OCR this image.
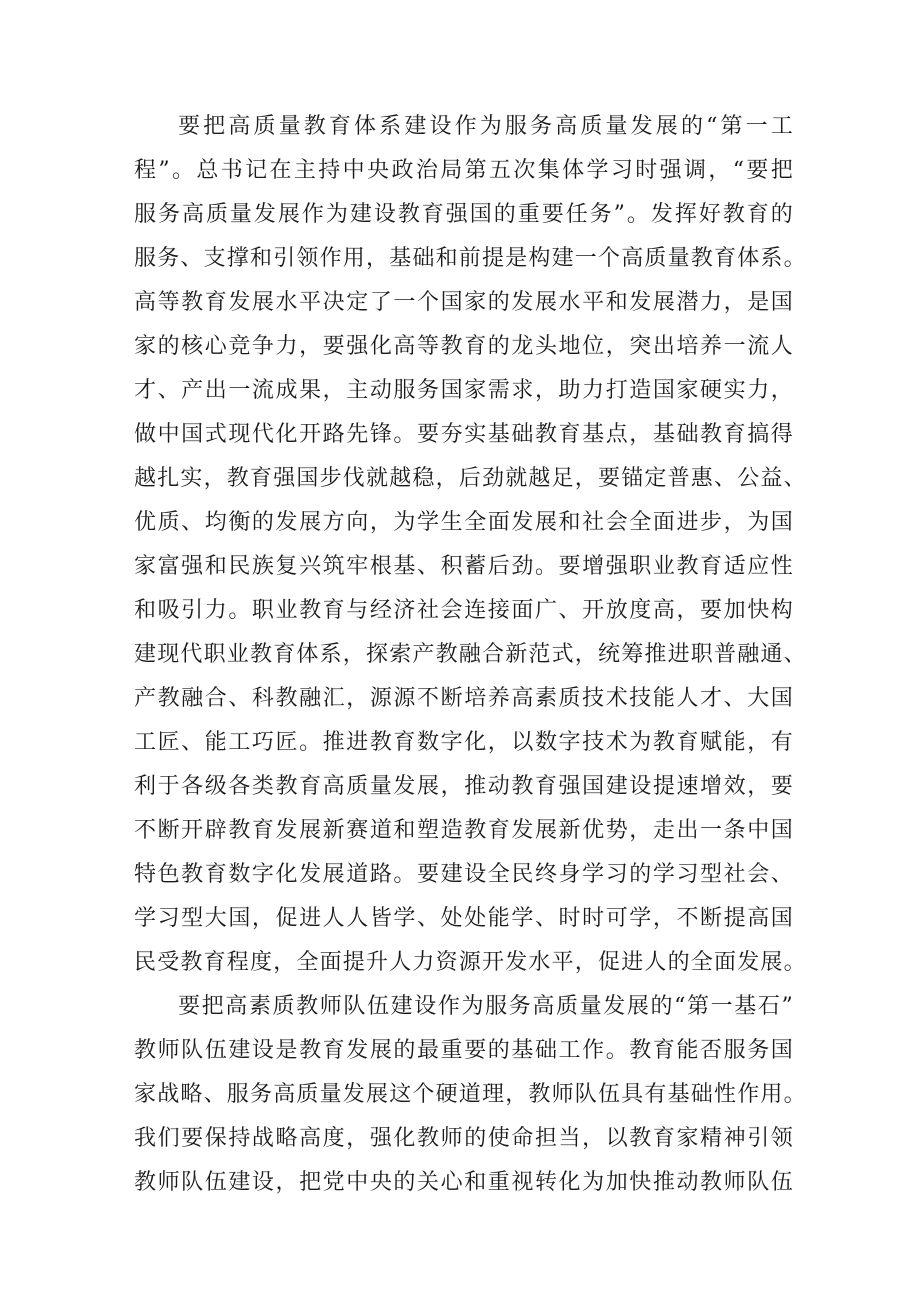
要把高质量教育体系建设作为服务高质量发展的“第一工
程”。总书记在主持中央政治局第五次集体学习时强调，“要把
服务高质量发展作为建设教育强国的重要任务”。发挥好教育的
服务、支撑和引领作用，基础和前提是构建一个高质量教育体系。
高等教育发展水平决定了一个国家的发展水平和发展潜力，是国
家的核心竞争力，要强化高等教育的龙头地位，突出培养一流人
才、产出一流成果，主动服务国家需求，助力打造国家硬实力，
做中国式现代化开路先锋。要夯实基础教育基点，基础教育搞得
越扎实，教育强国步伐就越稳，后劲就越足，要锚定普惠、公益、
优质、均衡的发展方向，为学生全面发展和社会全面进步，为国
家富强和民族复兴筑牢根基、积蓄后劲。要增强职业教育适应性
和吸引力。职业教育与经济社会连接面广、开放度高，要加快构
建现代职业教育体系，探索产教融合新范式，统筹推进职普融通、
产教融合、科教融汇，源源不断培养高素质技术技能人才、大国
工匠、能工巧匠。推进教育数字化，以数字技术为教育赋能，有
利于各级各类教育高质量发展，推动教育强国建设提速增效，要
不断开辟教育发展新赛道和塑造教育发展新优势，走出一条中国
特色教育数字化发展道路。要建设全民终身学习的学习型社会、
学习型大国，促进人人皆学、处处能学、时时可学，不断提高国
民受教育程度，全面提升人力资源开发水平，促进人的全面发展。
要把高素质教师队伍建设作为服务高质量发展的“第一基石”
教师队伍建设是教育发展的最重要的基础工作。教育能否服务国
家战略、服务高质量发展这个硬道理，教师队伍具有基础性作用。
我们要保持战略高度，强化教师的使命担当，以教育家精神引领
教师队伍建设，把党中央的关心和重视转化为加快推动教师队伍
